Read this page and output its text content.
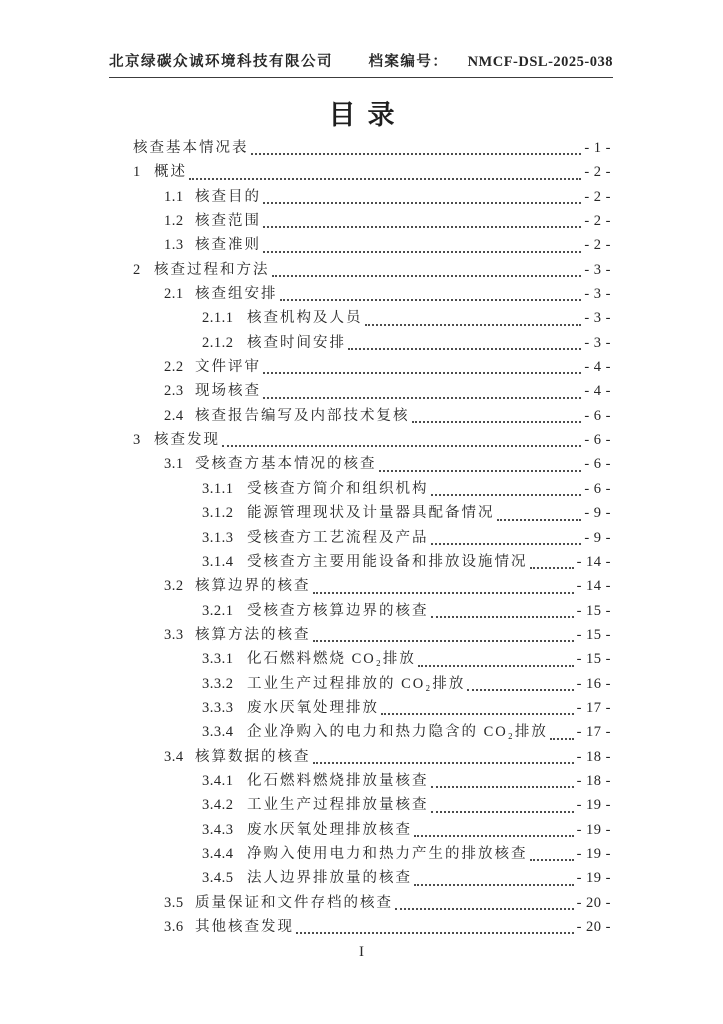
北京绿碳众诚环境科技有限公司 档案编号： NMCF-DSL-2025-038
目录
核查基本情况表	- 1 -
1 概述	- 2 -
1.1 核查目的	- 2 -
1.2 核查范围	- 2 -
1.3 核查准则	- 2 -
2 核查过程和方法	- 3 -
2.1 核查组安排	- 3 -
2.1.1 核查机构及人员	- 3 -
2.1.2 核查时间安排	- 3 -
2.2 文件评审	- 4 -
2.3 现场核查	- 4 -
2.4 核查报告编写及内部技术复核	- 6 -
3 核查发现	- 6 -
3.1 受核查方基本情况的核查	- 6 -
3.1.1 受核查方简介和组织机构	- 6 -
3.1.2 能源管理现状及计量器具配备情况	- 9 -
3.1.3 受核查方工艺流程及产品	- 9 -
3.1.4 受核查方主要用能设备和排放设施情况	- 14 -
3.2 核算边界的核查	- 14 -
3.2.1 受核查方核算边界的核查	- 15 -
3.3 核算方法的核查	- 15 -
3.3.1 化石燃料燃烧 CO₂排放	- 15 -
3.3.2 工业生产过程排放的 CO₂排放	- 16 -
3.3.3 废水厌氧处理排放	- 17 -
3.3.4 企业净购入的电力和热力隐含的 CO₂排放 - 17 -
3.4 核算数据的核查	- 18 -
3.4.1 化石燃料燃烧排放量核查	- 18 -
3.4.2 工业生产过程排放量核查	- 19 -
3.4.3 废水厌氧处理排放核查	- 19 -
3.4.4 净购入使用电力和热力产生的排放核查	- 19 -
3.4.5 法人边界排放量的核查	- 19 -
3.5 质量保证和文件存档的核查	- 20 -
3.6 其他核查发现	- 20 -
I
